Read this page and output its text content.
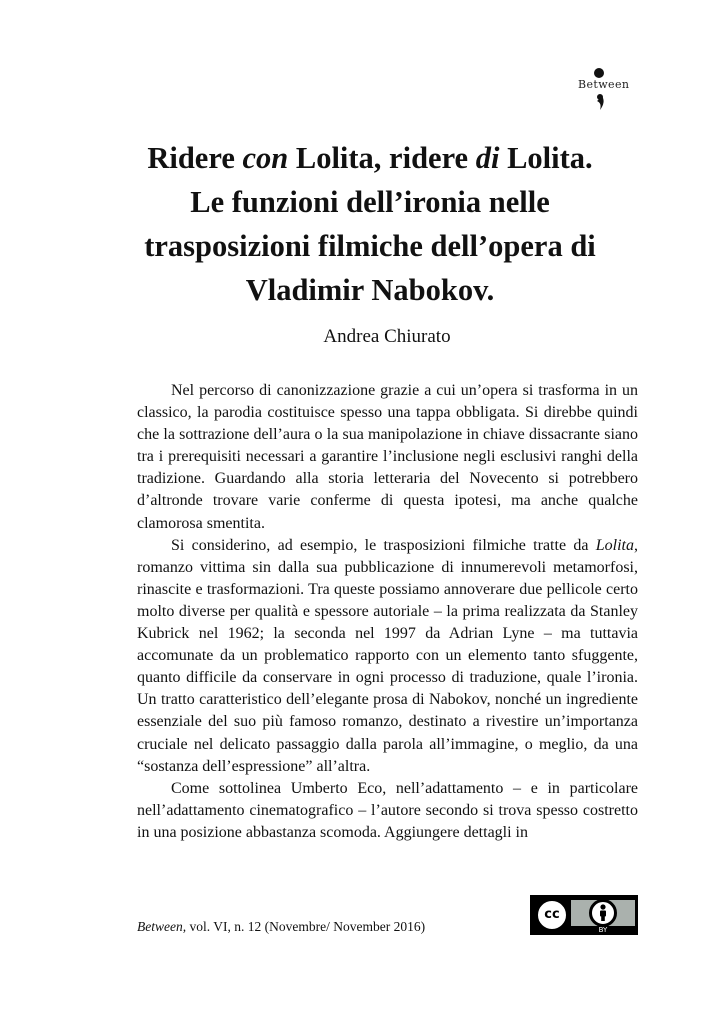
Between
Ridere con Lolita, ridere di Lolita.
Le funzioni dell’ironia nelle
trasposizioni filmiche dell’opera di
Vladimir Nabokov.
Andrea Chiurato

Nel percorso di canonizzazione grazie a cui un’opera si trasforma in un classico, la parodia costituisce spesso una tappa obbligata. Si direbbe quindi che la sottrazione dell’aura o la sua manipolazione in chiave dissacrante siano tra i prerequisiti necessari a garantire l’inclusione negli esclusivi ranghi della tradizione. Guardando alla storia letteraria del Novecento si potrebbero d’altronde trovare varie conferme di questa ipotesi, ma anche qualche clamorosa smentita.

Si considerino, ad esempio, le trasposizioni filmiche tratte da Lolita, romanzo vittima sin dalla sua pubblicazione di innumerevoli metamorfosi, rinascite e trasformazioni. Tra queste possiamo annoverare due pellicole certo molto diverse per qualità e spessore autoriale – la prima realizzata da Stanley Kubrick nel 1962; la seconda nel 1997 da Adrian Lyne – ma tuttavia accomunate da un problematico rapporto con un elemento tanto sfuggente, quanto difficile da conservare in ogni processo di traduzione, quale l’ironia. Un tratto caratteristico dell’elegante prosa di Nabokov, nonché un ingrediente essenziale del suo più famoso romanzo, destinato a rivestire un’importanza cruciale nel delicato passaggio dalla parola all’immagine, o meglio, da una “sostanza dell’espressione” all’altra.

Come sottolinea Umberto Eco, nell’adattamento – e in particolare nell’adattamento cinematografico – l’autore secondo si trova spesso costretto in una posizione abbastanza scomoda. Aggiungere dettagli in

Between, vol. VI, n. 12 (Novembre/ November 2016)
cc
BY
